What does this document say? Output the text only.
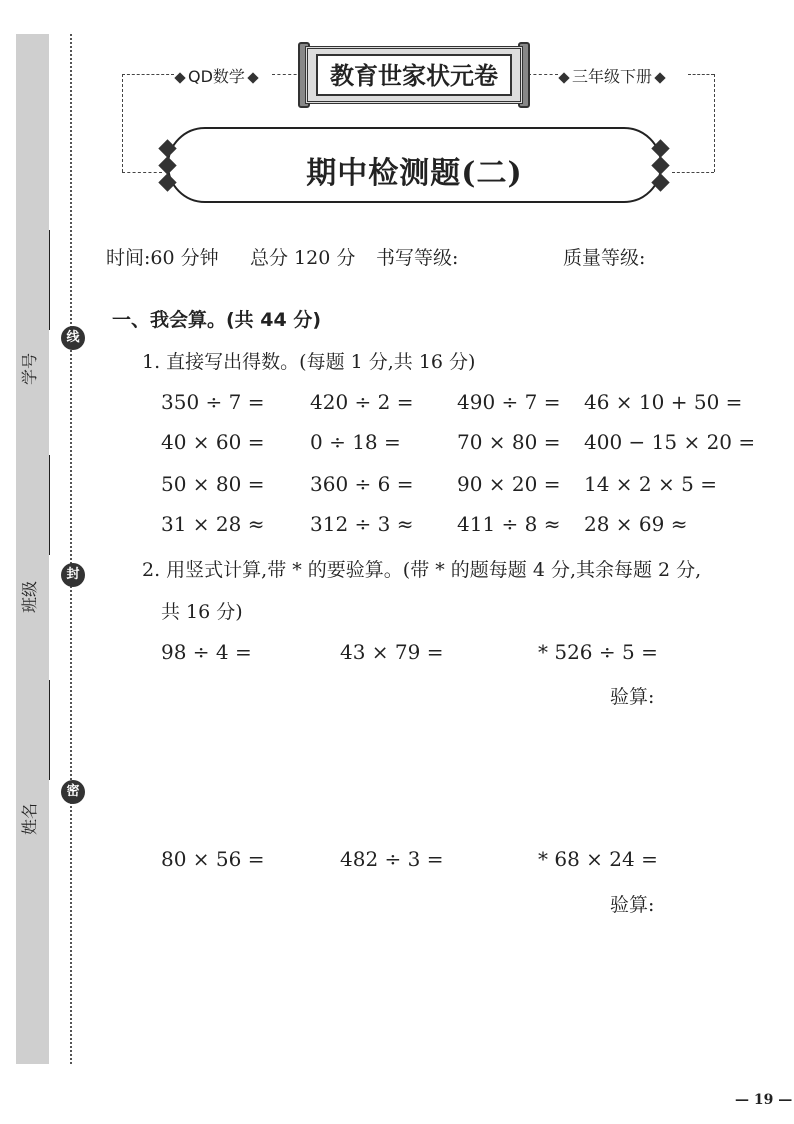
学号
班级
姓名
线
封
密
QD数学	三年级下册
教育世家状元卷
期中检测题(二)
时间:60 分钟 总分 120 分 书写等级:	质量等级:
一、我会算。(共 44 分)
1. 直接写出得数。(每题 1 分,共 16 分)
350 ÷ 7 = 420 ÷ 2 = 490 ÷ 7 = 46 × 10 + 50 =
40 × 60 = 0 ÷ 18 =	70 × 80 = 400 − 15 × 20 =
50 × 80 = 360 ÷ 6 = 90 × 20 = 14 × 2 × 5 =
31 × 28 ≈ 312 ÷ 3 ≈ 411 ÷ 8 ≈ 28 × 69 ≈
2. 用竖式计算,带 * 的要验算。(带 * 的题每题 4 分,其余每题 2 分,
共 16 分)
98 ÷ 4 =	43 × 79 =	* 526 ÷ 5 =
验算:
80 × 56 =	482 ÷ 3 =	* 68 × 24 =
验算:
— 19 —
